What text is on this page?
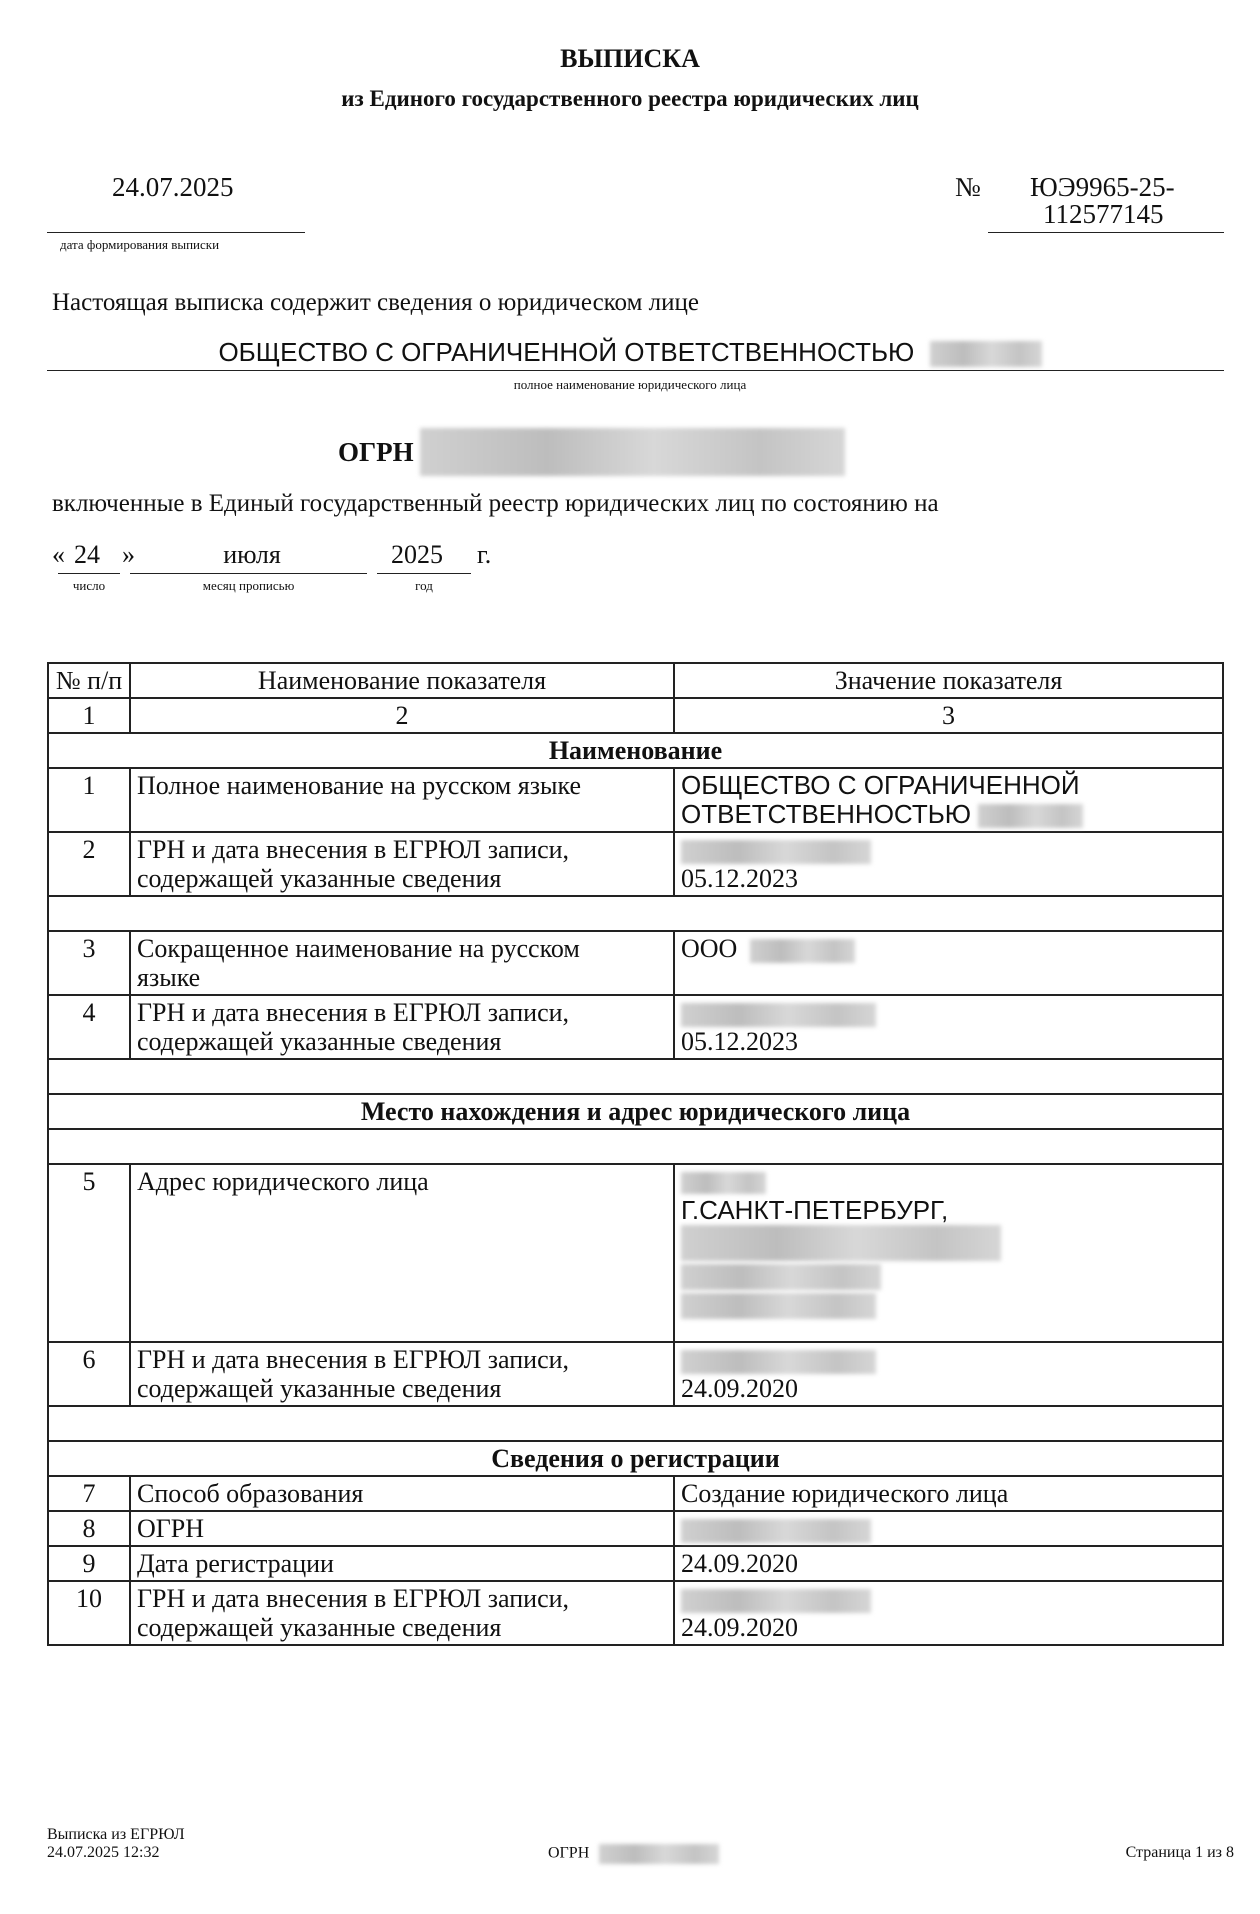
ВЫПИСКА
из Единого государственного реестра юридических лиц
24.07.2025
дата формирования выписки
№ ЮЭ9965-25-
112577145
Настоящая выписка содержит сведения о юридическом лице
ОБЩЕСТВО С ОГРАНИЧЕННОЙ ОТВЕТСТВЕННОСТЬЮ
полное наименование юридического лица
ОГРН
включенные в Единый государственный реестр юридических лиц по состоянию на
« 24 »	июля	2025	г.
число	месяц прописью	год
№ п/п	Наименование показателя	Значение показателя
1	2	3
Наименование		
1	Полное наименование на русском языке	ОБЩЕСТВО С ОГРАНИЧЕННОЙ
ОТВЕТСТВЕННОСТЬЮ

2	ГРН и дата внесения в ЕГРЮЛ записи,
содержащей указанные сведения	05.12.2023

3	Сокращенное наименование на русском
языке	ООО
4	ГРН и дата внесения в ЕГРЮЛ записи,
содержащей указанные сведения	05.12.2023

Место нахождения и адрес юридического лица		

5	Адрес юридического лица	Г.САНКТ-ПЕТЕРБУРГ,

6	ГРН и дата внесения в ЕГРЮЛ записи,
содержащей указанные сведения	24.09.2020

Сведения о регистрации		
7	Способ образования	Создание юридического лица
8	ОГРН	
9	Дата регистрации	24.09.2020
10	ГРН и дата внесения в ЕГРЮЛ записи,
содержащей указанные сведения	24.09.2020
Выписка из ЕГРЮЛ
24.07.2025 12:32	ОГРН	Страница 1 из 8
